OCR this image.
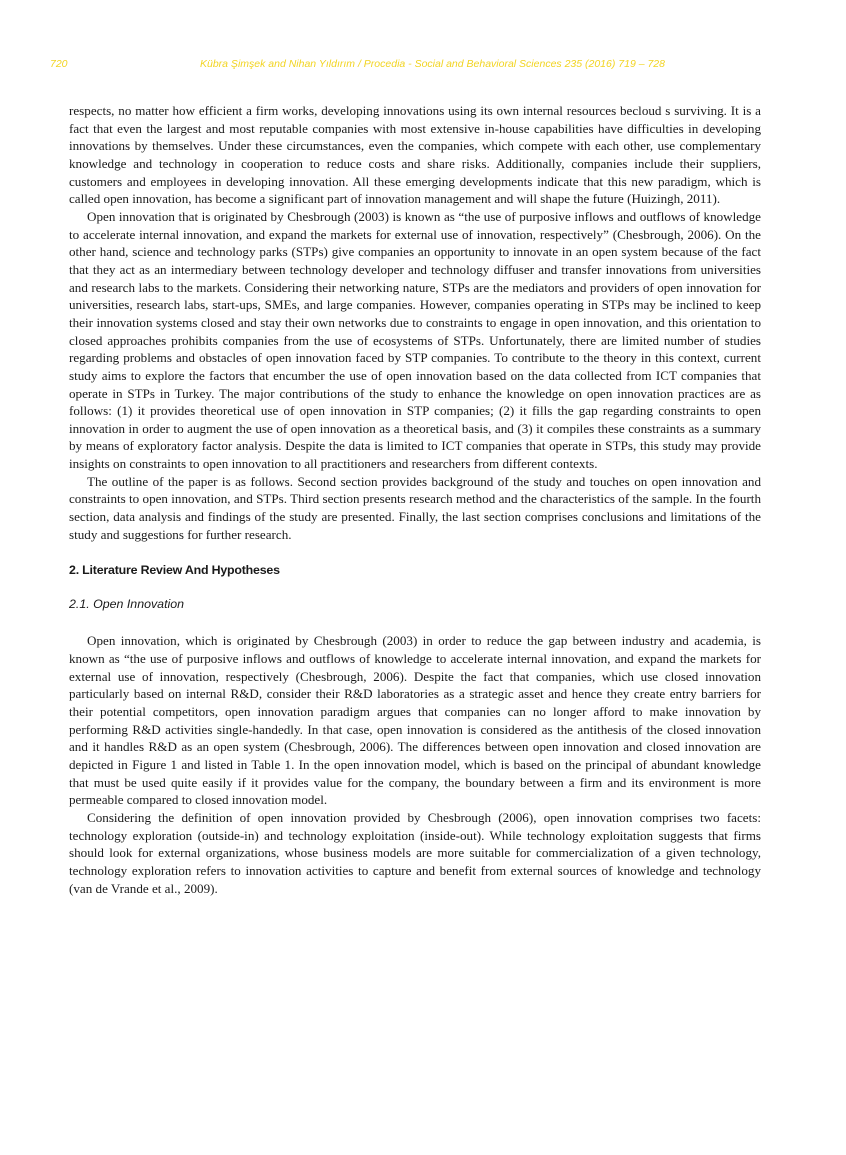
720	Kübra Şimşek and Nihan Yıldırım / Procedia - Social and Behavioral Sciences 235 (2016) 719 – 728

respects, no matter how efficient a firm works, developing innovations using its own internal resources becloud s surviving. It is a fact that even the largest and most reputable companies with most extensive in-house capabilities have difficulties in developing innovations by themselves. Under these circumstances, even the companies, which compete with each other, use complementary knowledge and technology in cooperation to reduce costs and share risks. Additionally, companies include their suppliers, customers and employees in developing innovation. All these emerging developments indicate that this new paradigm, which is called open innovation, has become a significant part of innovation management and will shape the future (Huizingh, 2011).

Open innovation that is originated by Chesbrough (2003) is known as “the use of purposive inflows and outflows of knowledge to accelerate internal innovation, and expand the markets for external use of innovation, respectively” (Chesbrough, 2006). On the other hand, science and technology parks (STPs) give companies an opportunity to innovate in an open system because of the fact that they act as an intermediary between technology developer and technology diffuser and transfer innovations from universities and research labs to the markets. Considering their networking nature, STPs are the mediators and providers of open innovation for universities, research labs, start-ups, SMEs, and large companies. However, companies operating in STPs may be inclined to keep their innovation systems closed and stay their own networks due to constraints to engage in open innovation, and this orientation to closed approaches prohibits companies from the use of ecosystems of STPs. Unfortunately, there are limited number of studies regarding problems and obstacles of open innovation faced by STP companies. To contribute to the theory in this context, current study aims to explore the factors that encumber the use of open innovation based on the data collected from ICT companies that operate in STPs in Turkey. The major contributions of the study to enhance the knowledge on open innovation practices are as follows: (1) it provides theoretical use of open innovation in STP companies; (2) it fills the gap regarding constraints to open innovation in order to augment the use of open innovation as a theoretical basis, and (3) it compiles these constraints as a summary by means of exploratory factor analysis. Despite the data is limited to ICT companies that operate in STPs, this study may provide insights on constraints to open innovation to all practitioners and researchers from different contexts.

The outline of the paper is as follows. Second section provides background of the study and touches on open innovation and constraints to open innovation, and STPs. Third section presents research method and the characteristics of the sample. In the fourth section, data analysis and findings of the study are presented. Finally, the last section comprises conclusions and limitations of the study and suggestions for further research.

2. Literature Review And Hypotheses
2.1. Open Innovation

Open innovation, which is originated by Chesbrough (2003) in order to reduce the gap between industry and academia, is known as “the use of purposive inflows and outflows of knowledge to accelerate internal innovation, and expand the markets for external use of innovation, respectively (Chesbrough, 2006). Despite the fact that companies, which use closed innovation particularly based on internal R&D, consider their R&D laboratories as a strategic asset and hence they create entry barriers for their potential competitors, open innovation paradigm argues that companies can no longer afford to make innovation by performing R&D activities single-handedly. In that case, open innovation is considered as the antithesis of the closed innovation and it handles R&D as an open system (Chesbrough, 2006). The differences between open innovation and closed innovation are depicted in Figure 1 and listed in Table 1. In the open innovation model, which is based on the principal of abundant knowledge that must be used quite easily if it provides value for the company, the boundary between a firm and its environment is more permeable compared to closed innovation model.

Considering the definition of open innovation provided by Chesbrough (2006), open innovation comprises two facets: technology exploration (outside-in) and technology exploitation (inside-out). While technology exploitation suggests that firms should look for external organizations, whose business models are more suitable for commercialization of a given technology, technology exploration refers to innovation activities to capture and benefit from external sources of knowledge and technology (van de Vrande et al., 2009).
